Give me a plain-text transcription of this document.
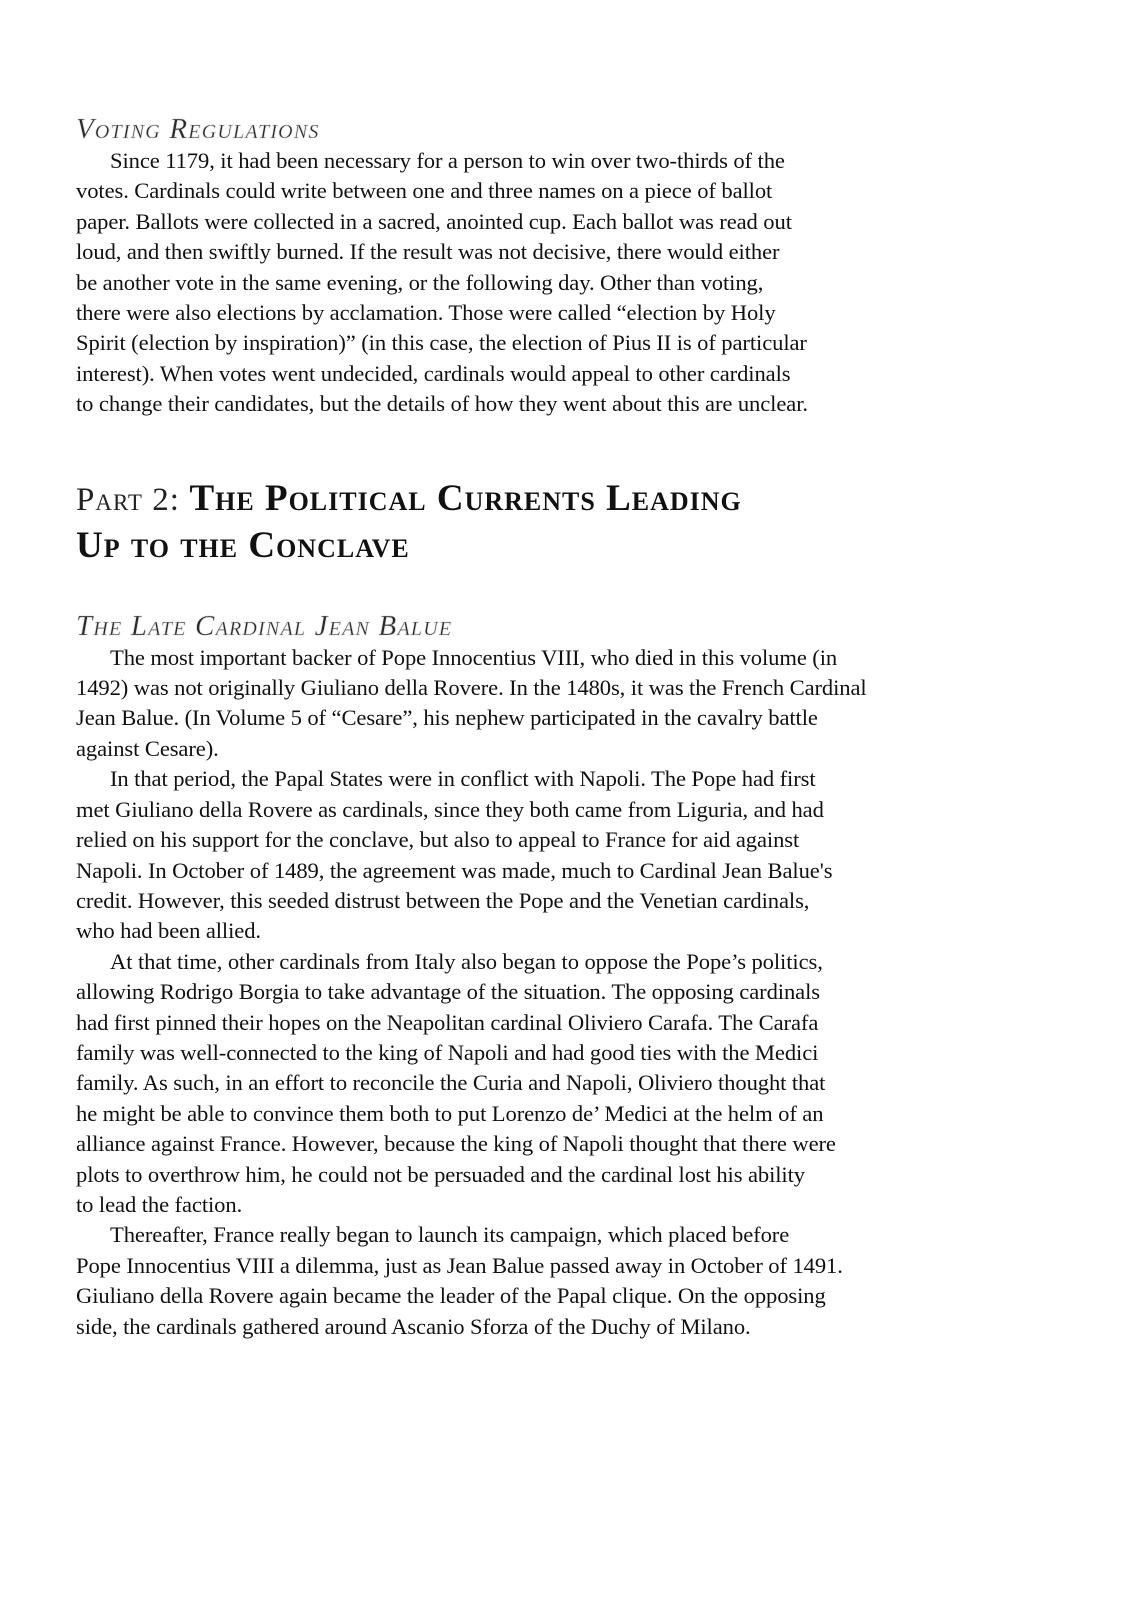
Voting Regulations

Since 1179, it had been necessary for a person to win over two-thirds of the
votes. Cardinals could write between one and three names on a piece of ballot
paper. Ballots were collected in a sacred, anointed cup. Each ballot was read out
loud, and then swiftly burned. If the result was not decisive, there would either
be another vote in the same evening, or the following day. Other than voting,
there were also elections by acclamation. Those were called “election by Holy
Spirit (election by inspiration)” (in this case, the election of Pius II is of particular
interest). When votes went undecided, cardinals would appeal to other cardinals
to change their candidates, but the details of how they went about this are unclear.

Part 2: The Political Currents Leading
Up to the Conclave
The Late Cardinal Jean Balue

The most important backer of Pope Innocentius VIII, who died in this volume (in
1492) was not originally Giuliano della Rovere. In the 1480s, it was the French Cardinal
Jean Balue. (In Volume 5 of “Cesare”, his nephew participated in the cavalry battle
against Cesare).

In that period, the Papal States were in conflict with Napoli. The Pope had first
met Giuliano della Rovere as cardinals, since they both came from Liguria, and had
relied on his support for the conclave, but also to appeal to France for aid against
Napoli. In October of 1489, the agreement was made, much to Cardinal Jean Balue's
credit. However, this seeded distrust between the Pope and the Venetian cardinals,
who had been allied.

At that time, other cardinals from Italy also began to oppose the Pope’s politics,
allowing Rodrigo Borgia to take advantage of the situation. The opposing cardinals
had first pinned their hopes on the Neapolitan cardinal Oliviero Carafa. The Carafa
family was well-connected to the king of Napoli and had good ties with the Medici
family. As such, in an effort to reconcile the Curia and Napoli, Oliviero thought that
he might be able to convince them both to put Lorenzo de’ Medici at the helm of an
alliance against France. However, because the king of Napoli thought that there were
plots to overthrow him, he could not be persuaded and the cardinal lost his ability
to lead the faction.

Thereafter, France really began to launch its campaign, which placed before
Pope Innocentius VIII a dilemma, just as Jean Balue passed away in October of 1491.
Giuliano della Rovere again became the leader of the Papal clique. On the opposing
side, the cardinals gathered around Ascanio Sforza of the Duchy of Milano.
